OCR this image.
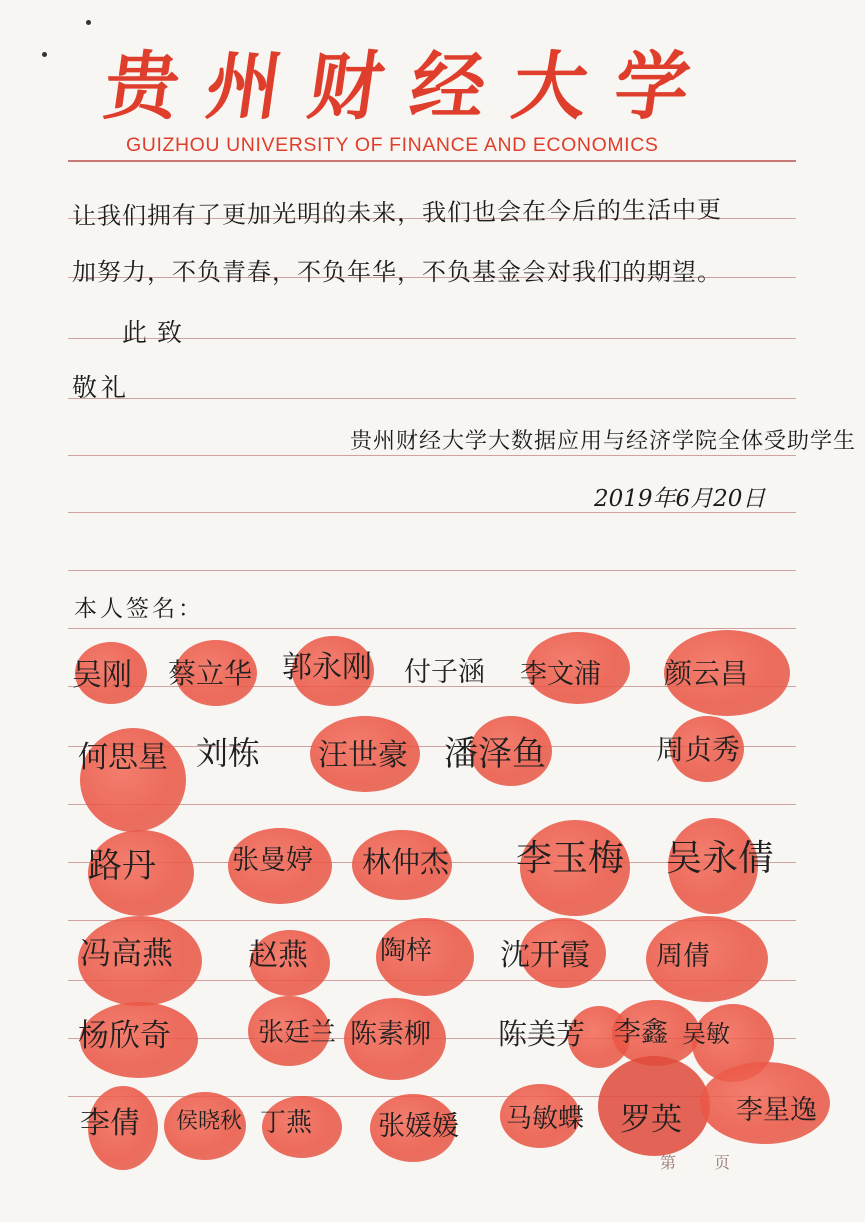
贵州财经大学
GUIZHOU UNIVERSITY OF FINANCE AND ECONOMICS
让我们拥有了更加光明的未来，我们也会在今后的生活中更
加努力，不负青春，不负年华，不负基金会对我们的期望。
此致
敬礼
贵州财经大学大数据应用与经济学院全体受助学生
2019年6月20日
本人签名：
吴刚 蔡立华 郭永刚 付子涵 李文浦 颜云昌
何思星 刘栋 汪世豪 潘泽鱼	周贞秀
路丹	张曼婷 林仲杰 李玉梅 吴永倩
冯高燕	赵燕	陶梓 沈开霞 周倩
杨欣奇	张廷兰 陈素柳 陈美芳 李鑫 吴敏
李倩 侯晓秋 丁燕 张媛媛 马敏蝶 罗英 李星逸
第 页
